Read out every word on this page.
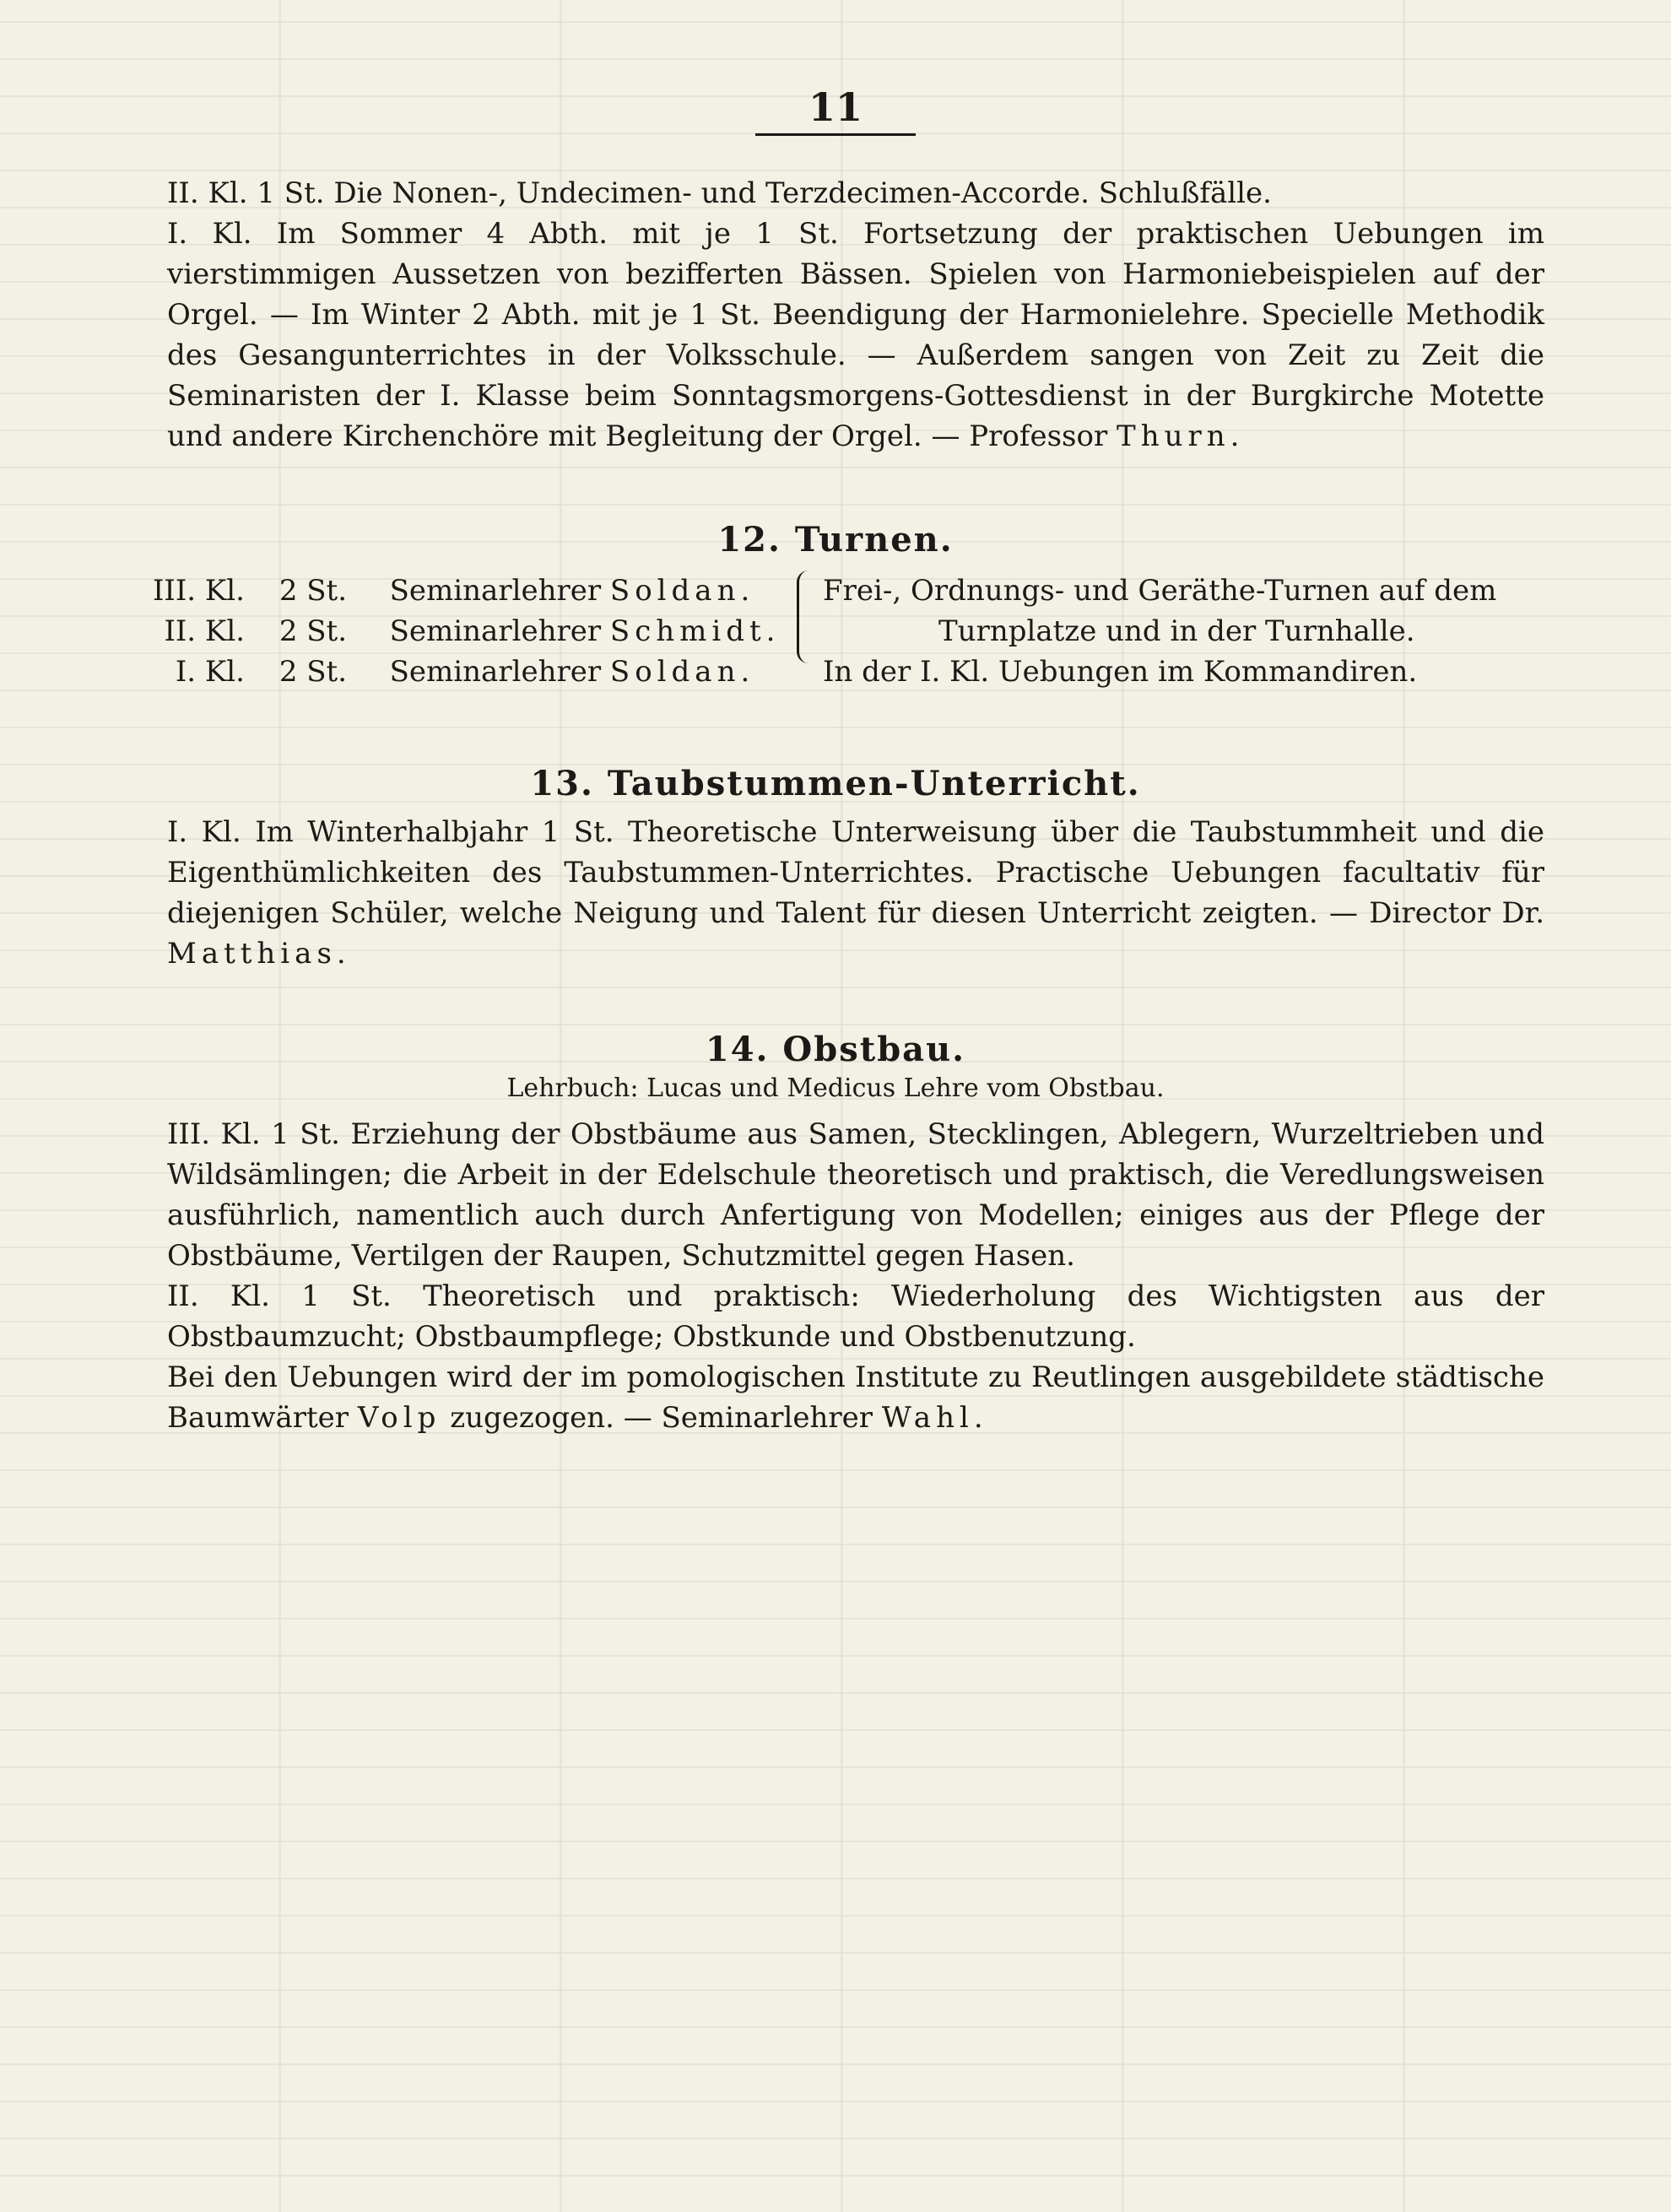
11

II. Kl. 1 St. Die Nonen-, Undecimen- und Terzdecimen-Accorde. Schlußfälle.

I. Kl. Im Sommer 4 Abth. mit je 1 St. Fortsetzung der praktischen Uebungen im vierstimmigen Aussetzen von bezifferten Bässen. Spielen von Harmoniebeispielen auf der Orgel. — Im Winter 2 Abth. mit je 1 St. Beendigung der Harmonielehre. Specielle Methodik des Gesangunterrichtes in der Volksschule. — Außerdem sangen von Zeit zu Zeit die Seminaristen der I. Klasse beim Sonntagsmorgens-Gottesdienst in der Burgkirche Motette und andere Kirchenchöre mit Begleitung der Orgel. — Professor Thurn.

12. Turnen.
III. Kl. 2 St. Seminarlehrer Soldan.
II. Kl. 2 St. Seminarlehrer Schmidt.
I. Kl. 2 St. Seminarlehrer Soldan.
Frei-, Ordnungs- und Geräthe-Turnen auf dem
Turnplatze und in der Turnhalle.
In der I. Kl. Uebungen im Kommandiren.
13. Taubstummen-Unterricht.

I. Kl. Im Winterhalbjahr 1 St. Theoretische Unterweisung über die Taubstummheit und die Eigenthümlichkeiten des Taubstummen-Unterrichtes. Practische Uebungen facultativ für diejenigen Schüler, welche Neigung und Talent für diesen Unterricht zeigten. — Director Dr. Matthias.

14. Obstbau.
Lehrbuch: Lucas und Medicus Lehre vom Obstbau.

III. Kl. 1 St. Erziehung der Obstbäume aus Samen, Stecklingen, Ablegern, Wurzeltrieben und Wildsämlingen; die Arbeit in der Edelschule theoretisch und praktisch, die Veredlungsweisen ausführlich, namentlich auch durch Anfertigung von Modellen; einiges aus der Pflege der Obstbäume, Vertilgen der Raupen, Schutzmittel gegen Hasen.

II. Kl. 1 St. Theoretisch und praktisch: Wiederholung des Wichtigsten aus der Obstbaumzucht; Obstbaumpflege; Obstkunde und Obstbenutzung.

Bei den Uebungen wird der im pomologischen Institute zu Reutlingen ausgebildete städtische Baumwärter Volp zugezogen. — Seminarlehrer Wahl.
